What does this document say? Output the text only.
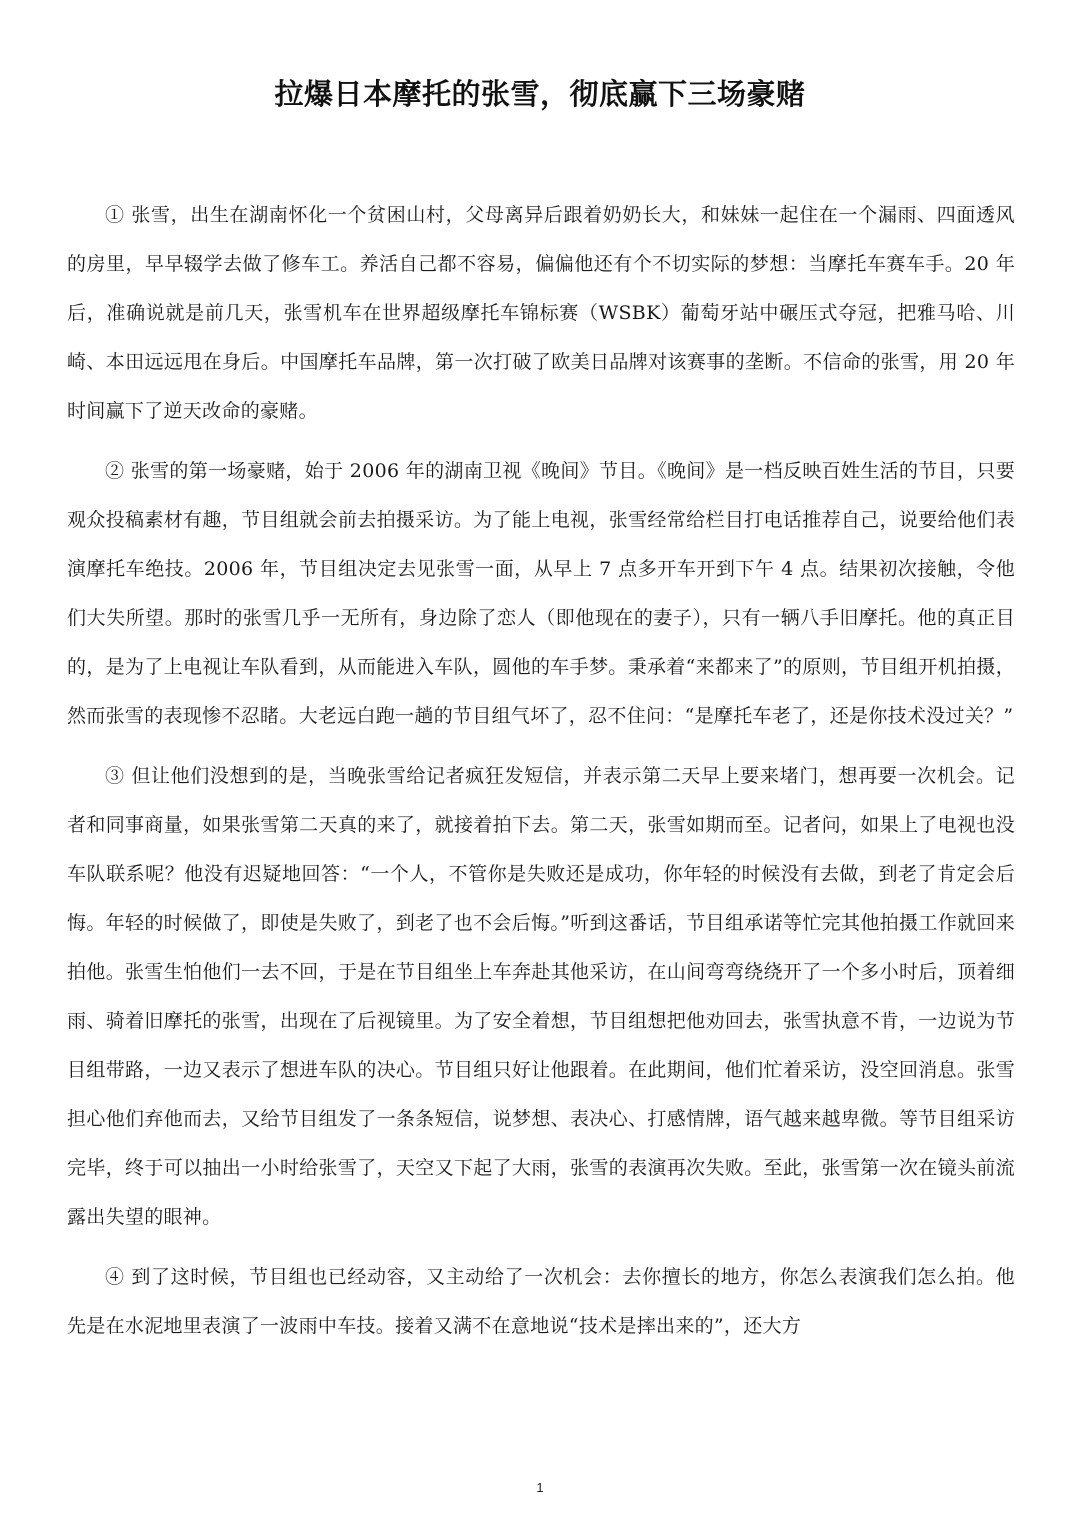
拉爆日本摩托的张雪，彻底赢下三场豪赌

① 张雪，出生在湖南怀化一个贫困山村，父母离异后跟着奶奶长大，和妹妹一起住在一个漏雨、四面透风的房里，早早辍学去做了修车工。养活自己都不容易，偏偏他还有个不切实际的梦想：当摩托车赛车手。20 年后，准确说就是前几天，张雪机车在世界超级摩托车锦标赛（WSBK）葡萄牙站中碾压式夺冠，把雅马哈、川崎、本田远远甩在身后。中国摩托车品牌，第一次打破了欧美日品牌对该赛事的垄断。不信命的张雪，用 20 年时间赢下了逆天改命的豪赌。

② 张雪的第一场豪赌，始于 2006 年的湖南卫视《晚间》节目。《晚间》是一档反映百姓生活的节目，只要观众投稿素材有趣，节目组就会前去拍摄采访。为了能上电视，张雪经常给栏目打电话推荐自己，说要给他们表演摩托车绝技。2006 年，节目组决定去见张雪一面，从早上 7 点多开车开到下午 4 点。结果初次接触，令他们大失所望。那时的张雪几乎一无所有，身边除了恋人（即他现在的妻子），只有一辆八手旧摩托。他的真正目的，是为了上电视让车队看到，从而能进入车队，圆他的车手梦。秉承着“来都来了”的原则，节目组开机拍摄，然而张雪的表现惨不忍睹。大老远白跑一趟的节目组气坏了，忍不住问：“是摩托车老了，还是你技术没过关？”

③ 但让他们没想到的是，当晚张雪给记者疯狂发短信，并表示第二天早上要来堵门，想再要一次机会。记者和同事商量，如果张雪第二天真的来了，就接着拍下去。第二天，张雪如期而至。记者问，如果上了电视也没车队联系呢？他没有迟疑地回答：“一个人，不管你是失败还是成功，你年轻的时候没有去做，到老了肯定会后悔。年轻的时候做了，即使是失败了，到老了也不会后悔。”听到这番话，节目组承诺等忙完其他拍摄工作就回来拍他。张雪生怕他们一去不回，于是在节目组坐上车奔赴其他采访，在山间弯弯绕绕开了一个多小时后，顶着细雨、骑着旧摩托的张雪，出现在了后视镜里。为了安全着想，节目组想把他劝回去，张雪执意不肯，一边说为节目组带路，一边又表示了想进车队的决心。节目组只好让他跟着。在此期间，他们忙着采访，没空回消息。张雪担心他们弃他而去，又给节目组发了一条条短信，说梦想、表决心、打感情牌，语气越来越卑微。等节目组采访完毕，终于可以抽出一小时给张雪了，天空又下起了大雨，张雪的表演再次失败。至此，张雪第一次在镜头前流露出失望的眼神。

④ 到了这时候，节目组也已经动容，又主动给了一次机会：去你擅长的地方，你怎么表演我们怎么拍。他先是在水泥地里表演了一波雨中车技。接着又满不在意地说“技术是摔出来的”，还大方

1
